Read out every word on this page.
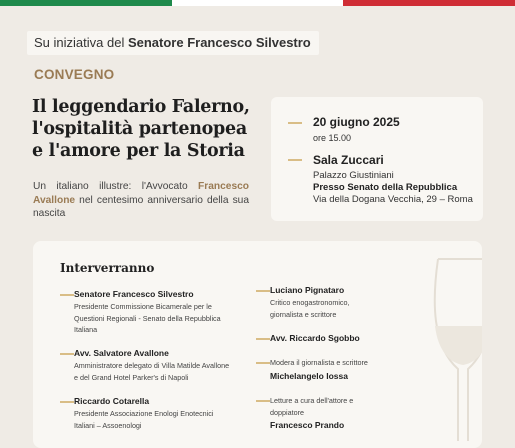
Su iniziativa del Senatore Francesco Silvestro
CONVEGNO
Il leggendario Falerno,
l'ospitalità partenopea
e l'amore per la Storia
Un italiano illustre: l'Avvocato Francesco Avallone nel centesimo anniversario della sua nascita
20 giugno 2025
ore 15.00
Sala Zuccari
Palazzo Giustiniani
Presso Senato della Repubblica
Via della Dogana Vecchia, 29 – Roma
Interverranno
Senatore Francesco Silvestro
Presidente Commissione Bicamerale per le Questioni Regionali - Senato della Repubblica Italiana
Avv. Salvatore Avallone
Amministratore delegato di Villa Matilde Avallone e del Grand Hotel Parker's di Napoli
Riccardo Cotarella
Presidente Associazione Enologi Enotecnici Italiani – Assoenologi
Luciano Pignataro
Critico enogastronomico, giornalista e scrittore
Avv. Riccardo Sgobbo
Modera il giornalista e scrittore
Michelangelo Iossa
Letture a cura dell'attore e doppiatore
Francesco Prando
